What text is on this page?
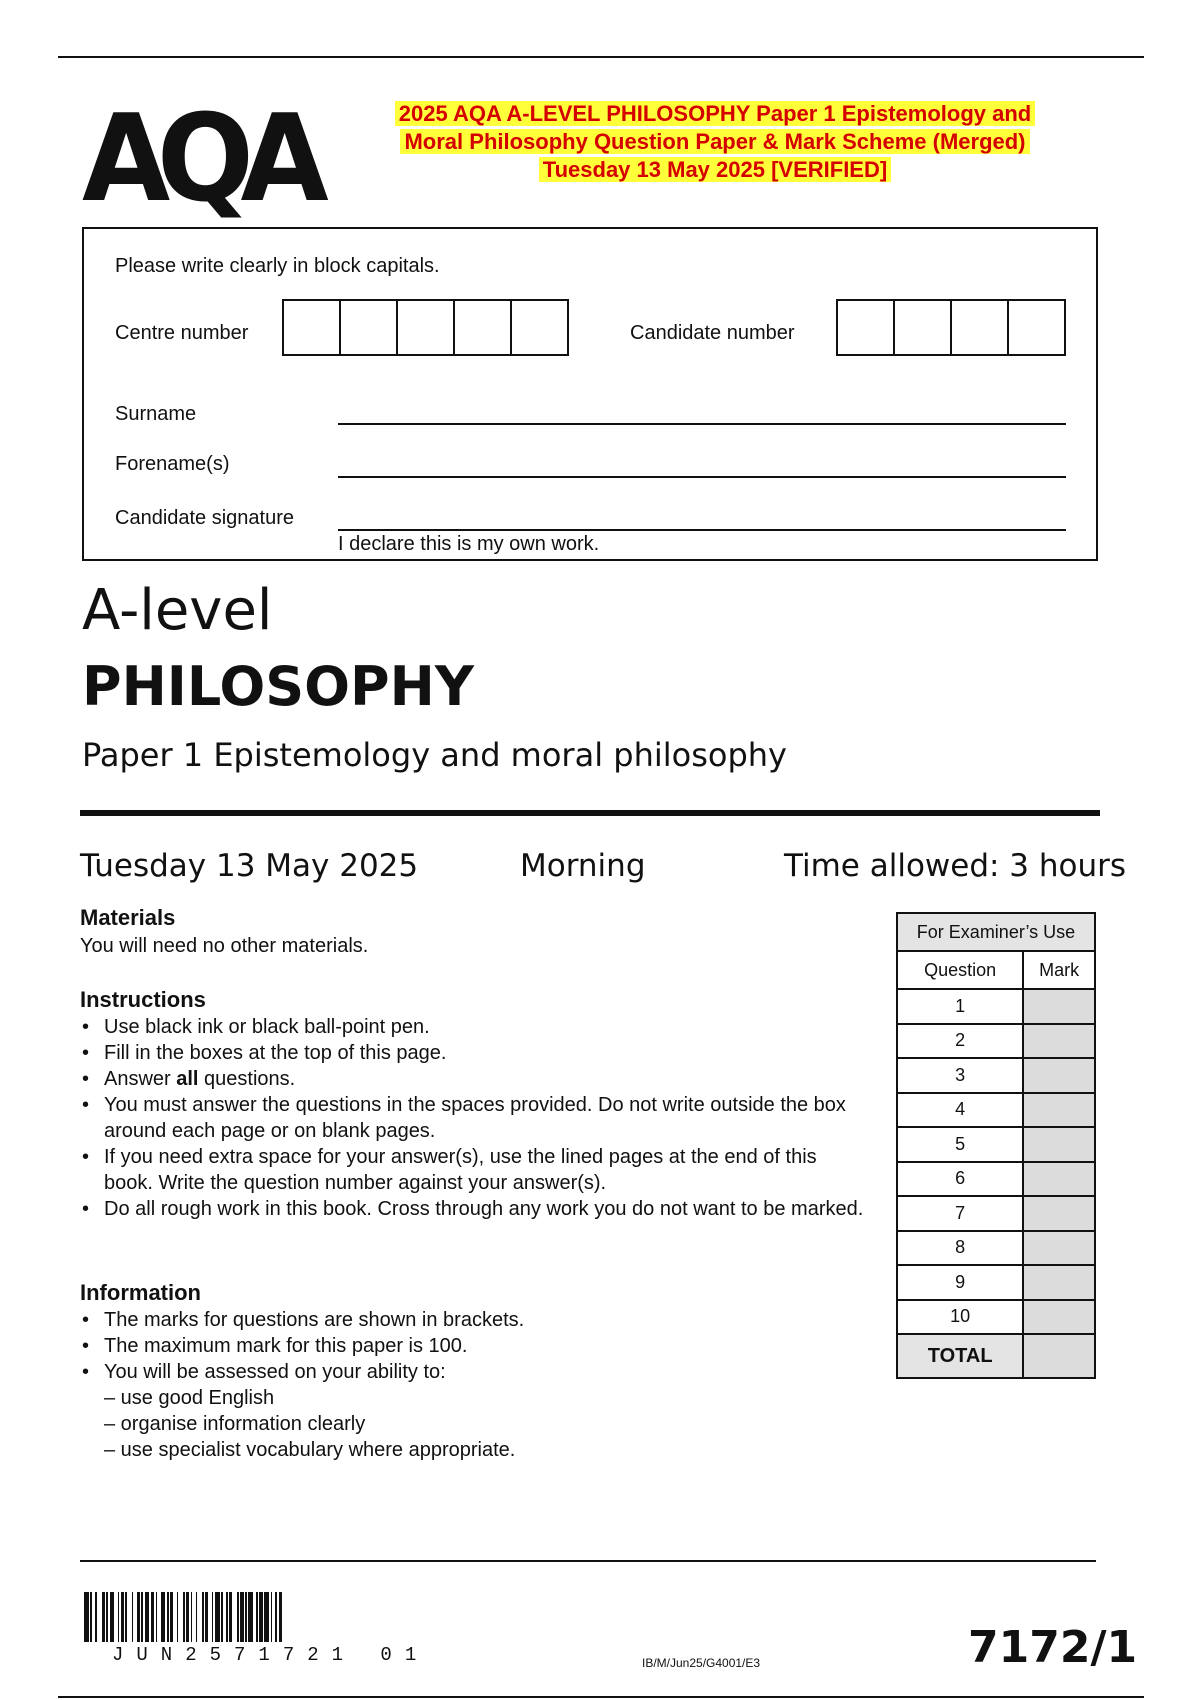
AQA	2025 AQA A-LEVEL PHILOSOPHY Paper 1 Epistemology and
Moral Philosophy Question Paper & Mark Scheme (Merged)
Tuesday 13 May 2025 [VERIFIED]
Please write clearly in block capitals.
Centre number	Candidate number
Surname
Forename(s)
Candidate signature
I declare this is my own work.
A-level
PHILOSOPHY
Paper 1 Epistemology and moral philosophy
Tuesday 13 May 2025	Morning	Time allowed: 3 hours
Materials
You will need no other materials.
Instructions
• Use black ink or black ball-point pen.
• Fill in the boxes at the top of this page.
• Answer all questions.
• You must answer the questions in the spaces provided. Do not write outside the box around each page or on blank pages.
• If you need extra space for your answer(s), use the lined pages at the end of this book. Write the question number against your answer(s).
• Do all rough work in this book. Cross through any work you do not want to be marked.
Information
• The marks for questions are shown in brackets.
• The maximum mark for this paper is 100.
• You will be assessed on your ability to:
– use good English
– organise information clearly
– use specialist vocabulary where appropriate.
For Examiner’s Use	
Question	Mark
1	
2	
3	
4	
5	
6	
7	
8	
9	
10	
TOTAL	
JUN2571721 01	IB/M/Jun25/G4001/E3	7172/1
